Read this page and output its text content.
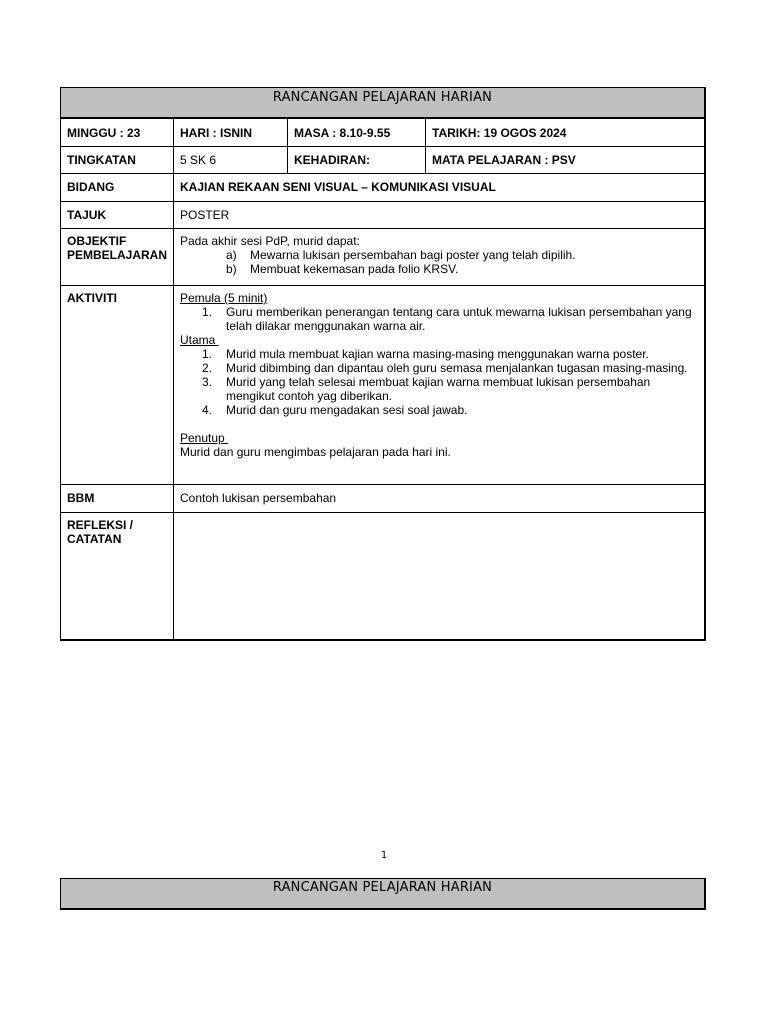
RANCANGAN PELAJARAN HARIAN
MINGGU : 23	HARI : ISNIN	MASA : 8.10-9.55	TARIKH: 19 OGOS 2024
TINGKATAN	5 SK 6	KEHADIRAN:	MATA PELAJARAN : PSV
BIDANG	KAJIAN REKAAN SENI VISUAL – KOMUNIKASI VISUAL
TAJUK	POSTER
OBJEKTIF
PEMBELAJARAN
Pada akhir sesi PdP, murid dapat:
a)	Mewarna lukisan persembahan bagi poster yang telah dipilih.
b)	Membuat kekemasan pada folio KRSV.
AKTIVITI	Pemula (5 minit)
1.	Guru memberikan penerangan tentang cara untuk mewarna lukisan persembahan yang telah dilakar menggunakan warna air.
Utama
1.	Murid mula membuat kajian warna masing-masing menggunakan warna poster.
2.	Murid dibimbing dan dipantau oleh guru semasa menjalankan tugasan masing-masing.
3.	Murid yang telah selesai membuat kajian warna membuat lukisan persembahan mengikut contoh yag diberikan.
4.	Murid dan guru mengadakan sesi soal jawab.
Penutup
Murid dan guru mengimbas pelajaran pada hari ini.
BBM	Contoh lukisan persembahan
REFLEKSI /
CATATAN
1
RANCANGAN PELAJARAN HARIAN
